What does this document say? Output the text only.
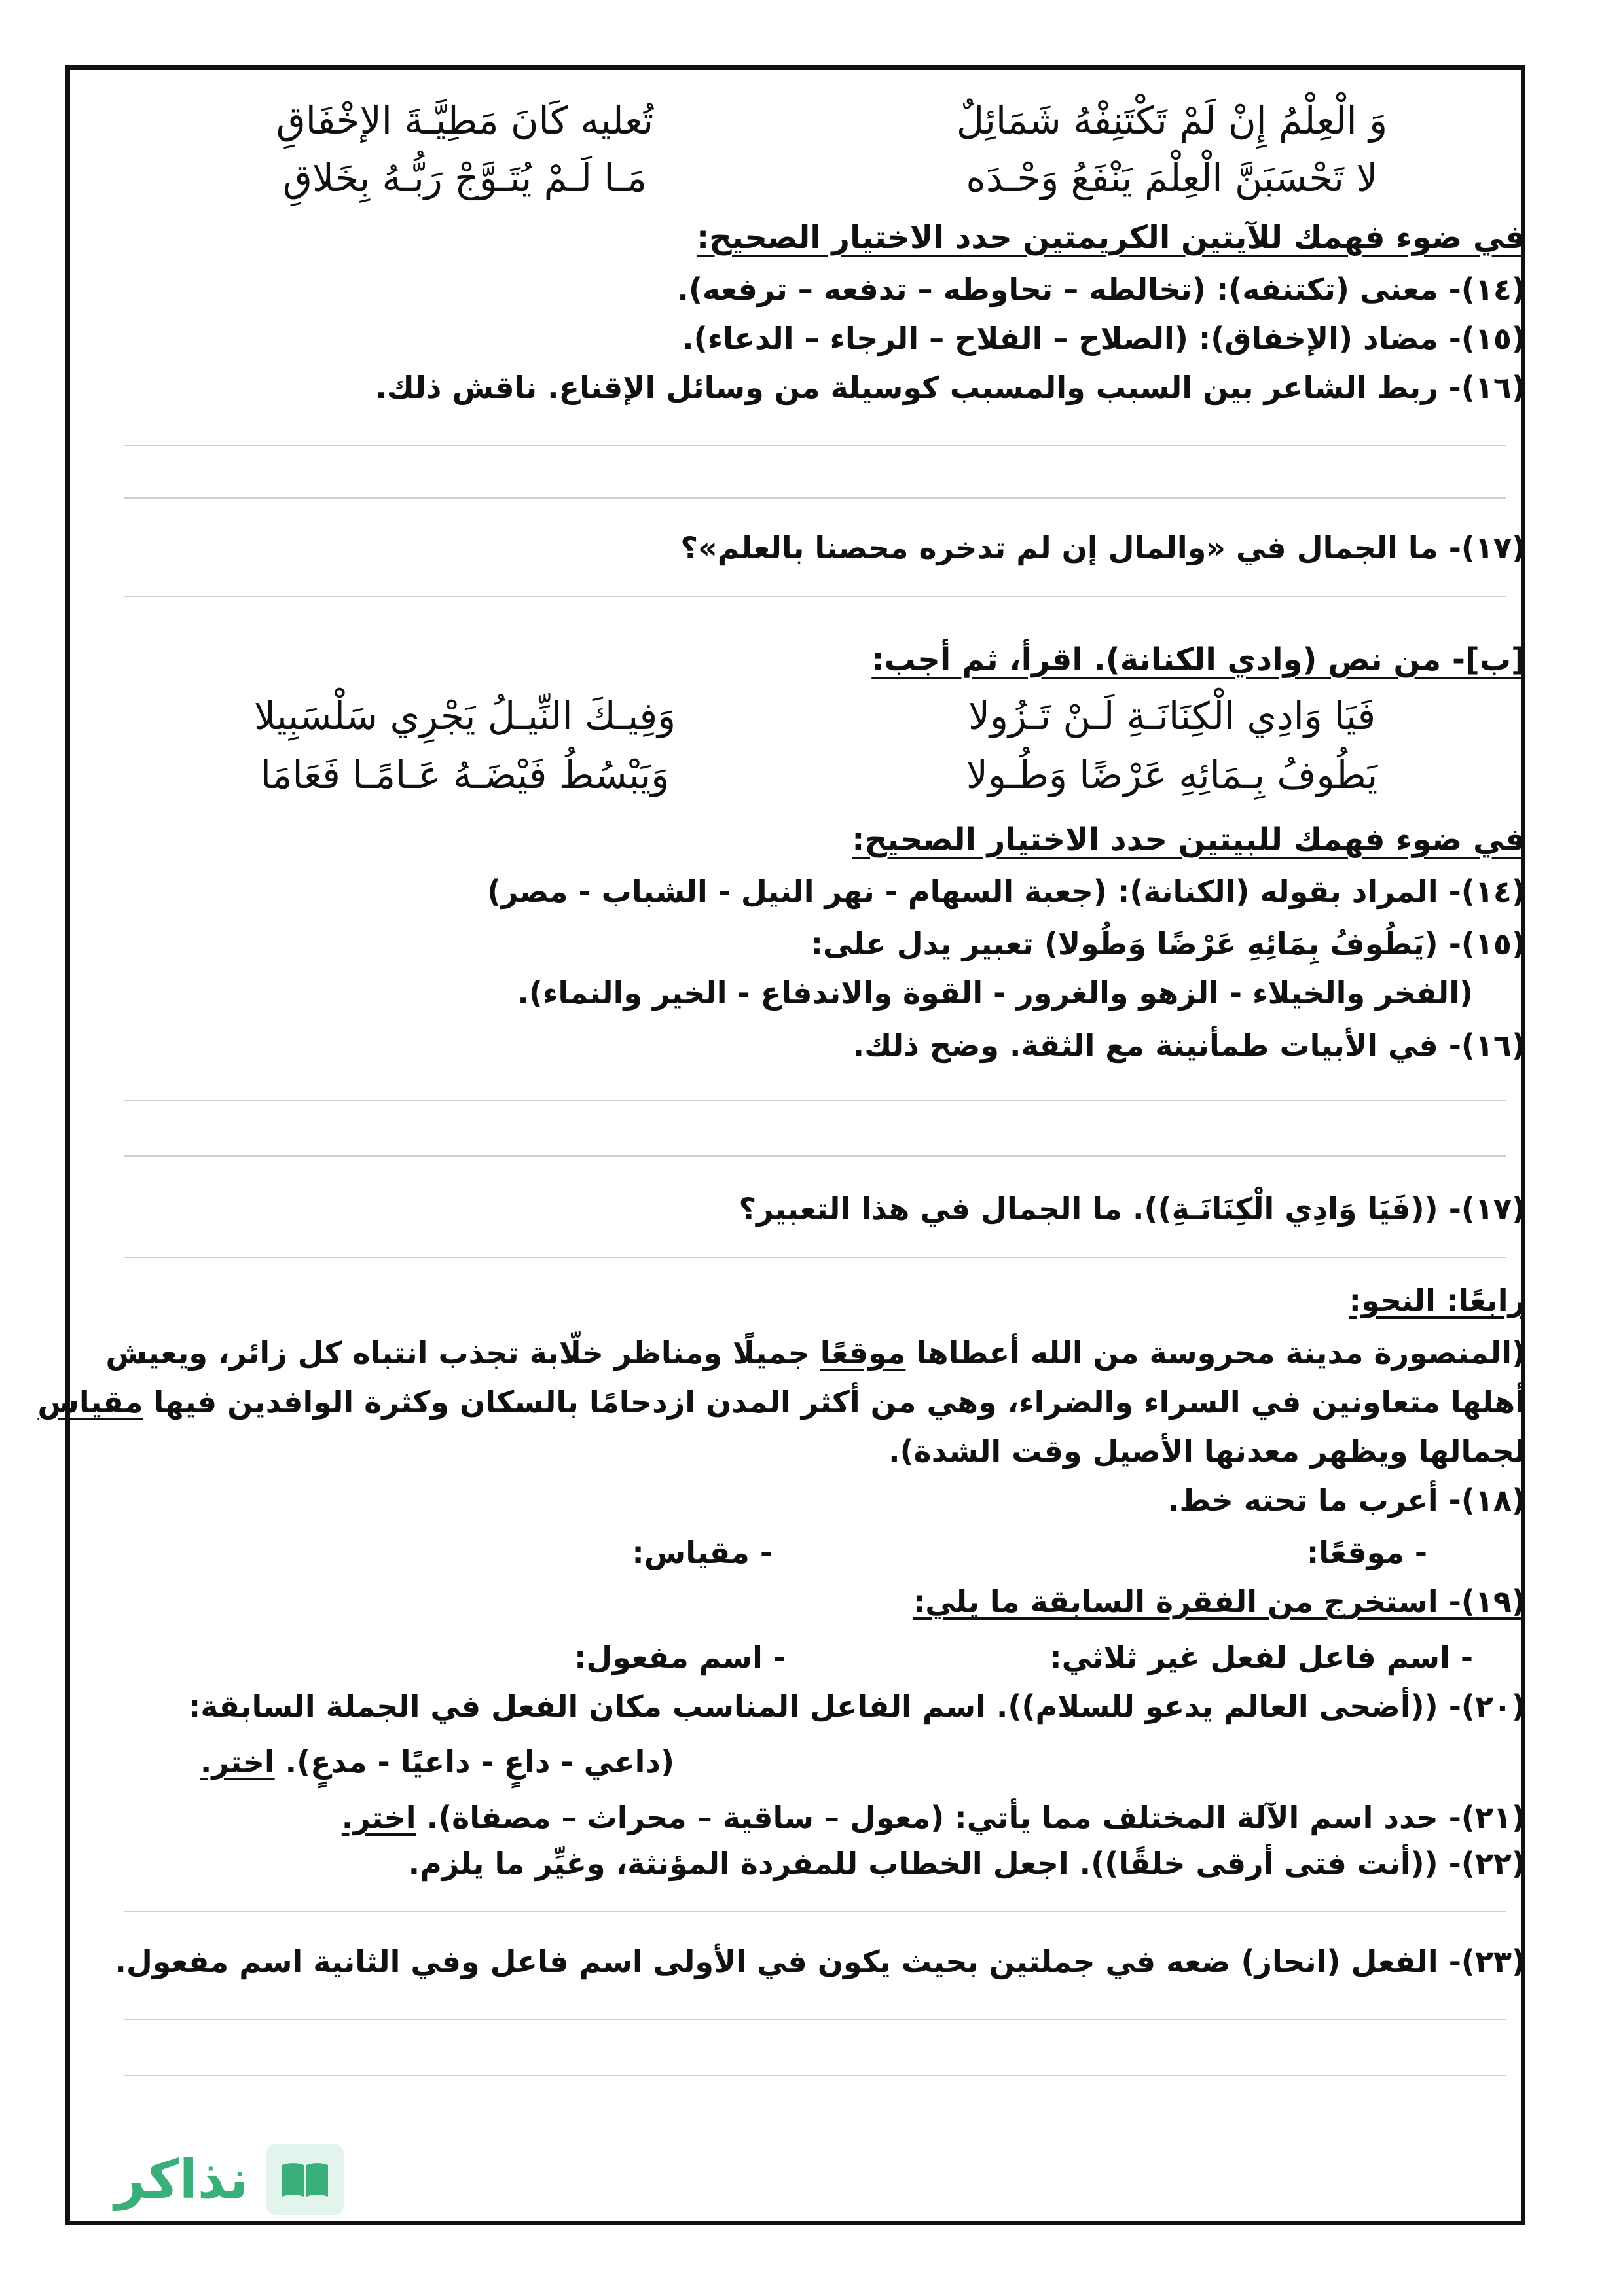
وَ الْعِلْمُ إِنْ لَمْ تَكْتَنِفْهُ شَمَائِلٌتُعليه كَانَ مَطِيَّـةَ الإخْفَاقِ
لا تَحْسَبَنَّ الْعِلْمَ يَنْفَعُ وَحْـدَهمَـا لَـمْ يُتَـوَّجْ رَبُّـهُ بِخَلاقِ
في ضوء فهمك للآيتين الكريمتين حدد الاختيار الصحيح:
(١٤)- معنى (تكتنفه): (تخالطه – تحاوطه – تدفعه – ترفعه).
(١٥)- مضاد (الإخفاق): (الصلاح – الفلاح – الرجاء – الدعاء).
(١٦)- ربط الشاعر بين السبب والمسبب كوسيلة من وسائل الإقناع. ناقش ذلك.
(١٧)- ما الجمال في «والمال إن لم تدخره محصنا بالعلم»؟
[ب]- من نص (وادي الكنانة). اقرأ، ثم أجب:
فَيَا وَادِي الْكِنَانَـةِ لَـنْ تَـزُولاوَفِيـكَ النِّيـلُ يَجْرِي سَلْسَبِيلا
يَطُوفُ بِـمَائِهِ عَرْضًا وَطُـولاوَيَبْسُطُ فَيْضَـهُ عَـامًـا فَعَامَا
في ضوء فهمك للبيتين حدد الاختيار الصحيح:
(١٤)- المراد بقوله (الكنانة): (جعبة السهام - نهر النيل - الشباب - مصر)
(١٥)- (يَطُوفُ بِمَائِهِ عَرْضًا وَطُولا) تعبير يدل على:
(الفخر والخيلاء - الزهو والغرور - القوة والاندفاع - الخير والنماء).
(١٦)- في الأبيات طمأنينة مع الثقة. وضح ذلك.
(١٧)- ((فَيَا وَادِي الْكِنَانَـةِ)). ما الجمال في هذا التعبير؟
رابعًا: النحو:
(المنصورة مدينة محروسة من الله أعطاها موقعًا جميلًا ومناظر خلّابة تجذب انتباه كل زائر، ويعيش
أهلها متعاونين في السراء والضراء، وهي من أكثر المدن ازدحامًا بالسكان وكثرة الوافدين فيها مقياس
لجمالها ويظهر معدنها الأصيل وقت الشدة).
(١٨)- أعرب ما تحته خط.
- موقعًا:- مقياس:
(١٩)- استخرج من الفقرة السابقة ما يلي:
- اسم فاعل لفعل غير ثلاثي:- اسم مفعول:
(٢٠)- ((أضحى العالم يدعو للسلام)). اسم الفاعل المناسب مكان الفعل في الجملة السابقة:
(داعي - داعٍ - داعيًا - مدعٍ). اختر.
(٢١)- حدد اسم الآلة المختلف مما يأتي: (معول – ساقية – محراث – مصفاة). اختر.
(٢٢)- ((أنت فتى أرقى خلقًا)). اجعل الخطاب للمفردة المؤنثة، وغيِّر ما يلزم.
(٢٣)- الفعل (انحاز) ضعه في جملتين بحيث يكون في الأولى اسم فاعل وفي الثانية اسم مفعول.
نذاكر
